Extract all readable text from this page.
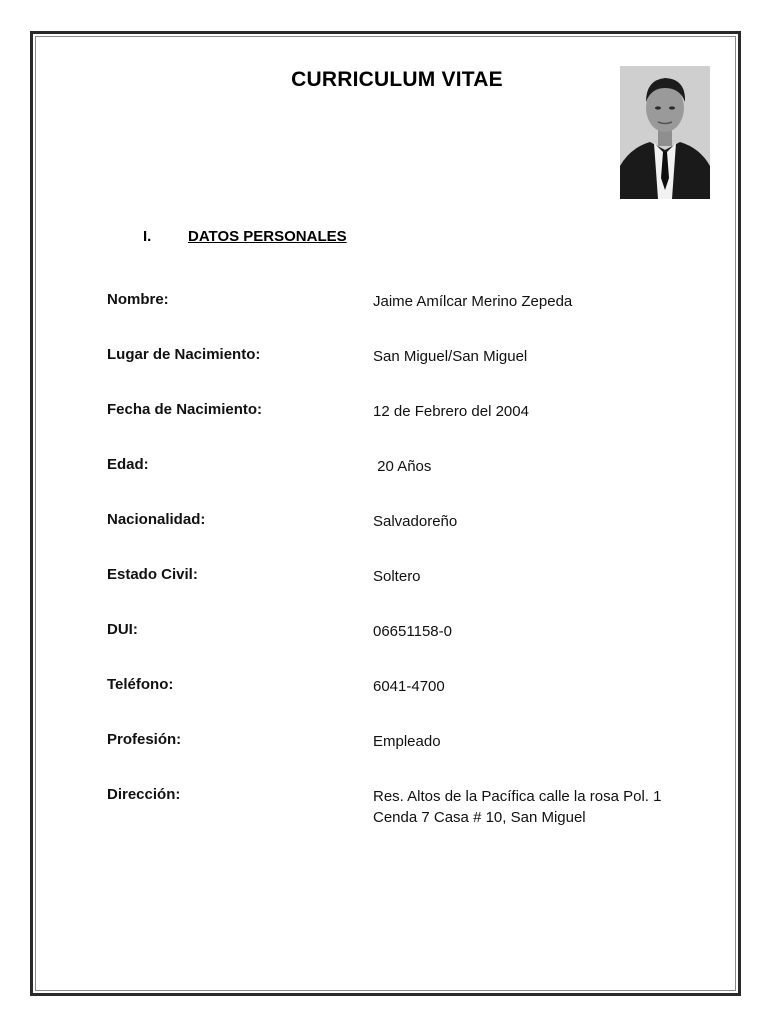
CURRICULUM VITAE
I. DATOS PERSONALES
Nombre:	Jaime Amílcar Merino Zepeda
Lugar de Nacimiento:	San Miguel/San Miguel
Fecha de Nacimiento:	12 de Febrero del 2004
Edad:	20 Años
Nacionalidad:	Salvadoreño
Estado Civil:	Soltero
DUI:	06651158-0
Teléfono:	6041-4700
Profesión:	Empleado
Dirección:	Res. Altos de la Pacífica calle la rosa Pol. 1 Cenda 7 Casa # 10, San Miguel
